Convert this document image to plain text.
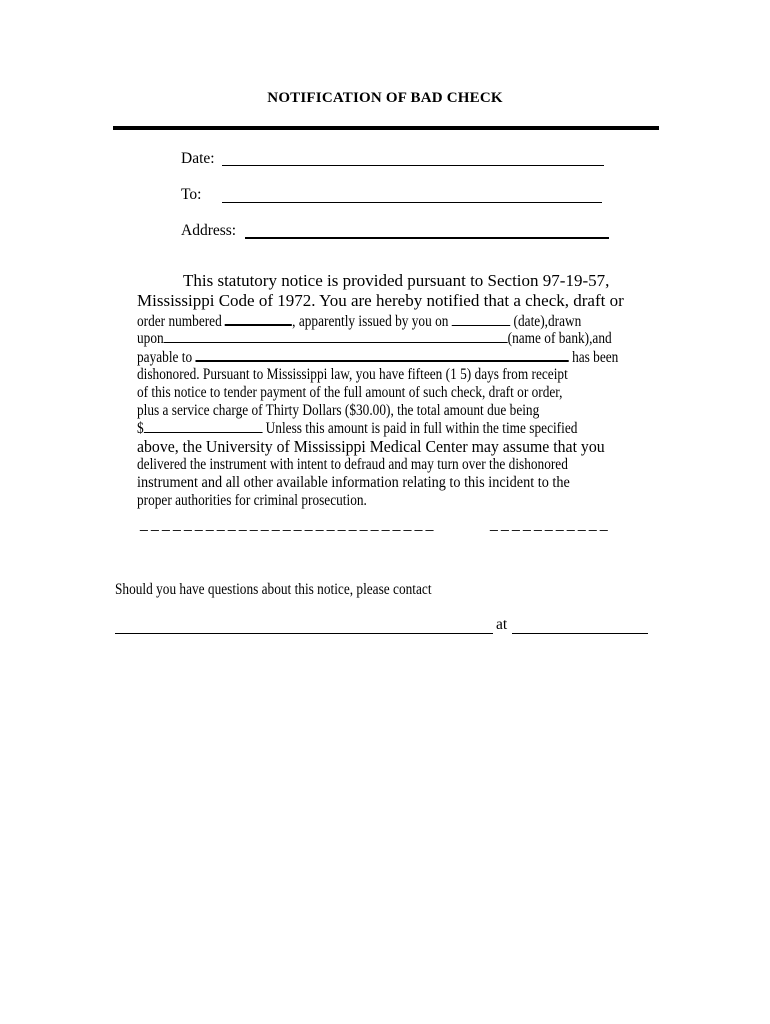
NOTIFICATION OF BAD CHECK
Date:
To:
Address:
This statutory notice is provided pursuant to Section 97-19-57,
Mississippi Code of 1972. You are hereby notified that a check, draft or
order numbered	, apparently issued by you on	(date),drawn
upon	(name of bank),and
payable to	has been
dishonored. Pursuant to Mississippi law, you have fifteen (1 5) days from receipt
of this notice to tender payment of the full amount of such check, draft or order,
plus a service charge of Thirty Dollars ($30.00), the total amount due being
$	Unless this amount is paid in full within the time specified
above, the University of Mississippi Medical Center may assume that you
delivered the instrument with intent to defraud and may turn over the dishonored
instrument and all other available information relating to this incident to the
proper authorities for criminal prosecution.
___________________________	___________
Should you have questions about this notice, please contact
at
